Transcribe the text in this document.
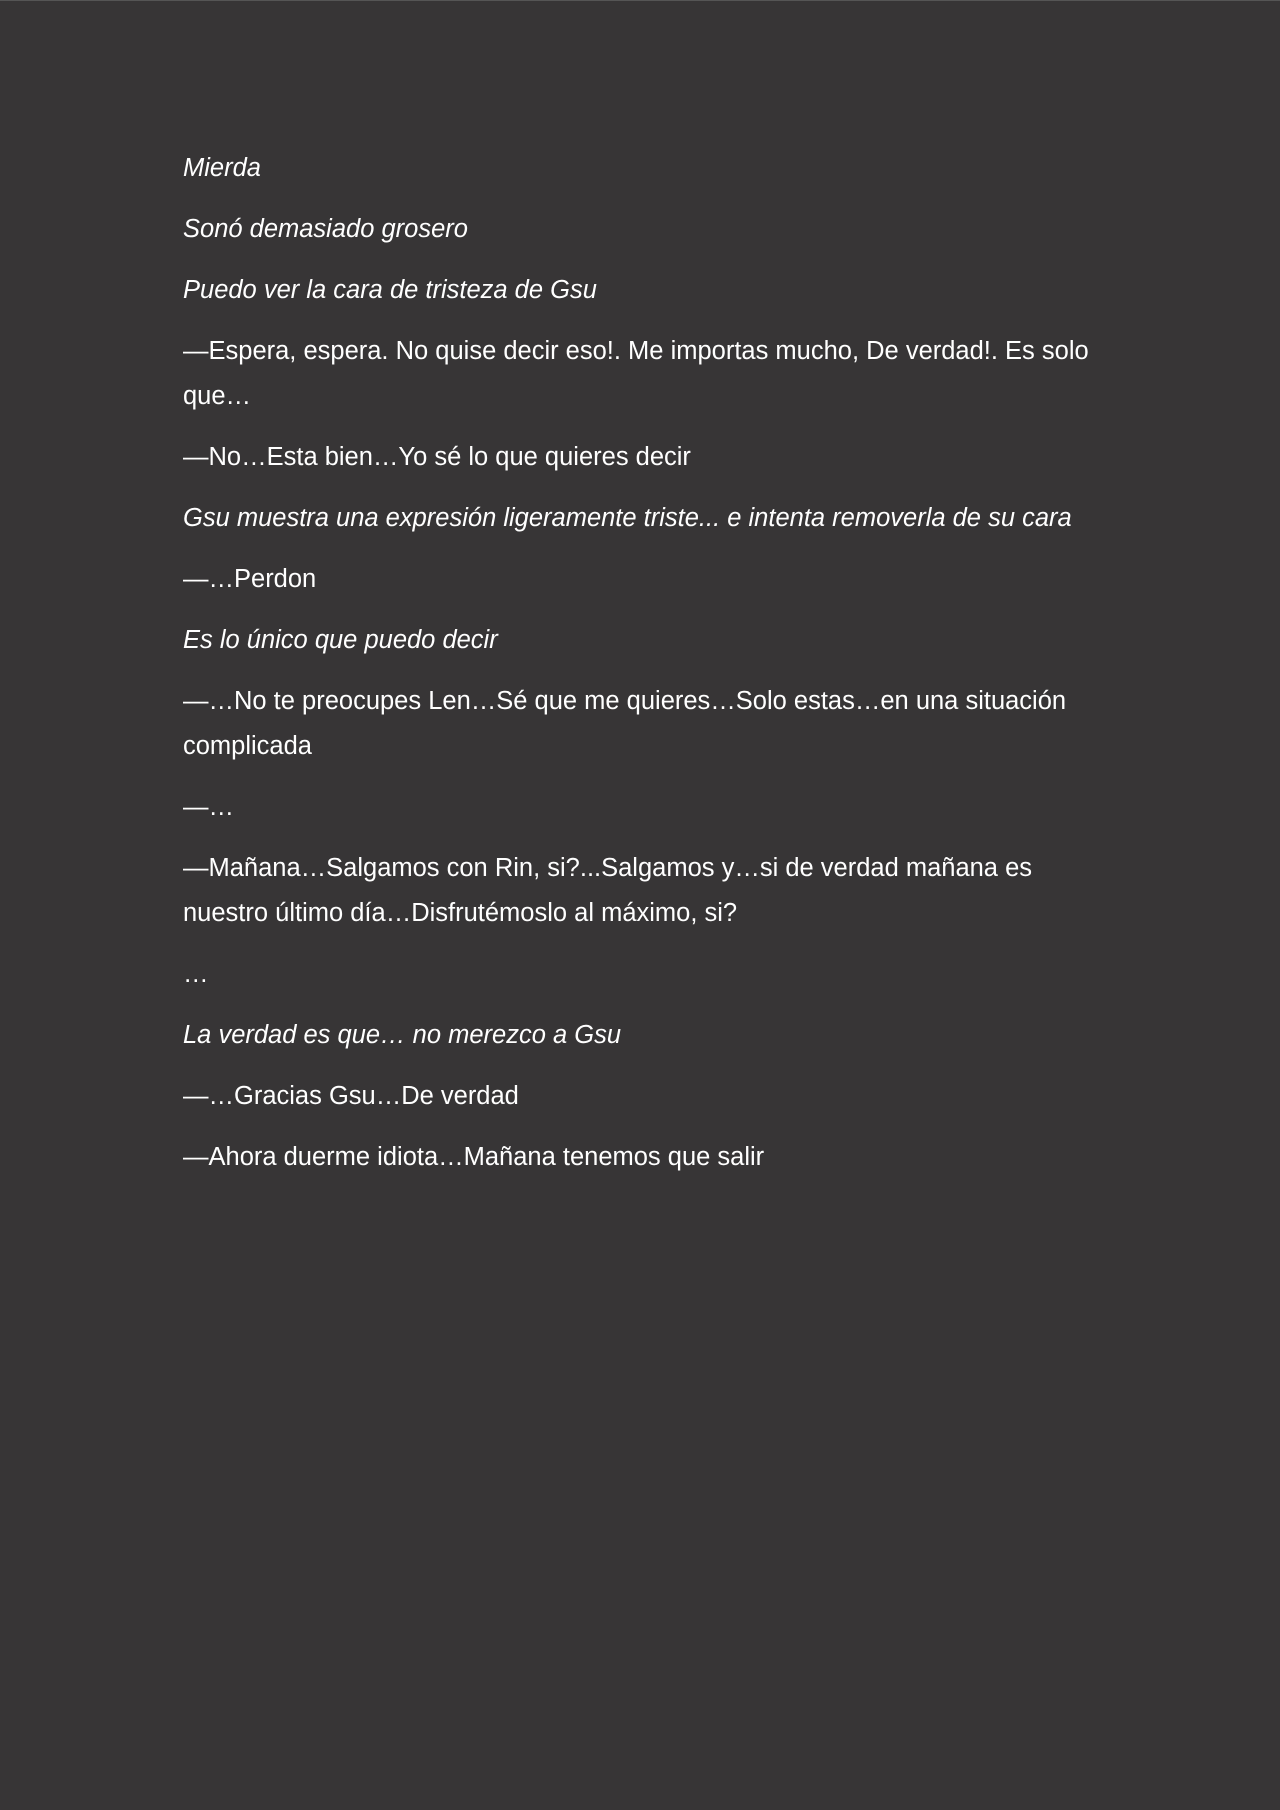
Mierda

Sonó demasiado grosero

Puedo ver la cara de tristeza de Gsu

—Espera, espera. No quise decir eso!. Me importas mucho, De verdad!. Es solo que…

—No…Esta bien…Yo sé lo que quieres decir

Gsu muestra una expresión ligeramente triste... e intenta removerla de su cara

—…Perdon

Es lo único que puedo decir

—…No te preocupes Len…Sé que me quieres…Solo estas…en una situación complicada

—…

—Mañana…Salgamos con Rin, si?...Salgamos y…si de verdad mañana es nuestro último día…Disfrutémoslo al máximo, si?

…

La verdad es que… no merezco a Gsu

—…Gracias Gsu…De verdad

—Ahora duerme idiota…Mañana tenemos que salir
